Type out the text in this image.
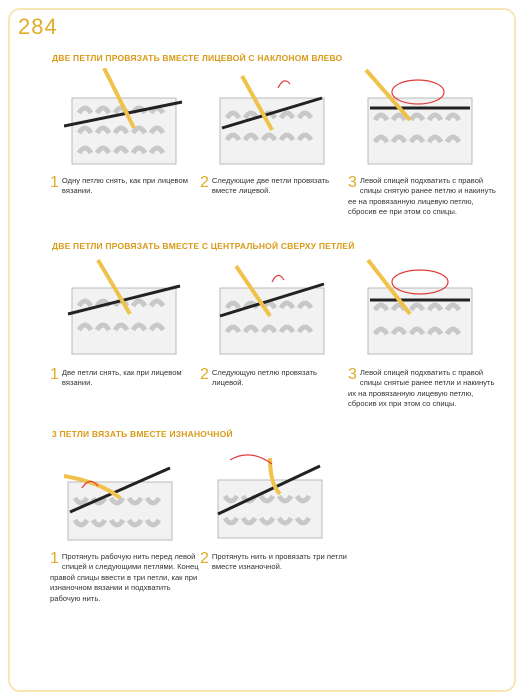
284
ДВЕ ПЕТЛИ ПРОВЯЗАТЬ ВМЕСТЕ ЛИЦЕВОЙ С НАКЛОНОМ ВЛЕВО
1 Одну петлю снять, как при лицевом вязании.	2 Следующие две петли провязать вместе лицевой.	3 Левой спицей подхватить с правой спицы снятую ранее петлю и накинуть ее на провязанную лицевую петлю, сбросив ее при этом со спицы.
ДВЕ ПЕТЛИ ПРОВЯЗАТЬ ВМЕСТЕ С ЦЕНТРАЛЬНОЙ СВЕРХУ ПЕТЛЕЙ
1 Две петли снять, как при лицевом вязании.	2 Следующую петлю провязать лицевой.	3 Левой спицей подхватить с правой спицы снятые ранее петли и накинуть их на провязанную лицевую петлю, сбросив их при этом со спицы.
3 ПЕТЛИ ВЯЗАТЬ ВМЕСТЕ ИЗНАНОЧНОЙ
1 Протянуть рабочую нить перед левой спицей и следующими петлями. Конец правой спицы ввести в три петли, как при изнаночном вязании и подхватить рабочую нить.
2 Протянуть нить и провязать три петли вместе изнаночной.
